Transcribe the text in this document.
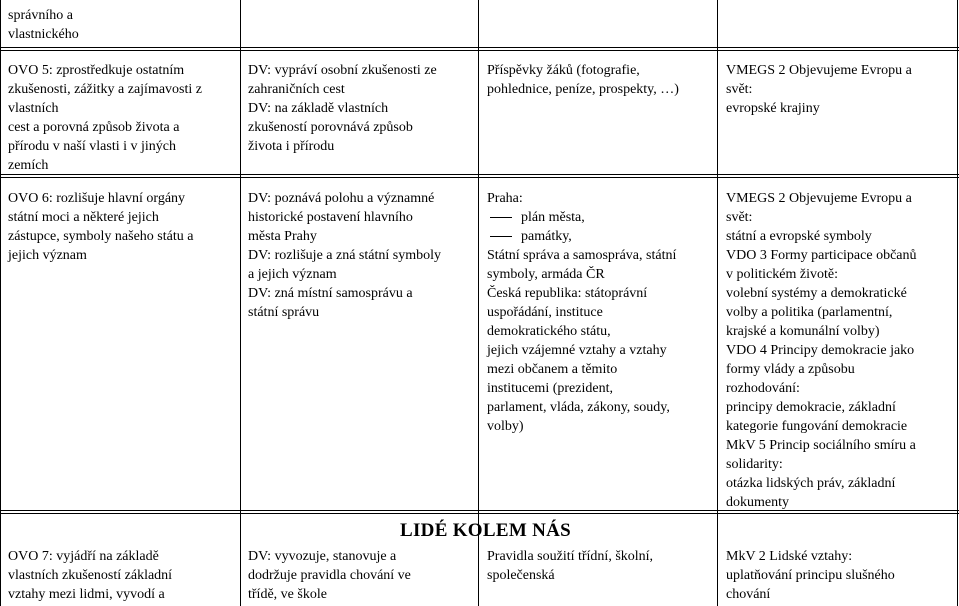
správního a
vlastnického
OVO 5: zprostředkuje ostatním
zkušenosti, zážitky a zajímavosti z
vlastních
cest a porovná způsob života a
přírodu v naší vlasti i v jiných
zemích
DV: vypráví osobní zkušenosti ze
zahraničních cest
DV: na základě vlastních
zkušeností porovnává způsob
života i přírodu
Příspěvky žáků (fotografie,
pohlednice, peníze, prospekty, …)
VMEGS 2 Objevujeme Evropu a
svět:
evropské krajiny
OVO 6: rozlišuje hlavní orgány
státní moci a některé jejich
zástupce, symboly našeho státu a
jejich význam
DV: poznává polohu a významné
historické postavení hlavního
města Prahy
DV: rozlišuje a zná státní symboly
a jejich význam
DV: zná místní samosprávu a
státní správu
Praha:
plán města,
památky,
Státní správa a samospráva, státní
symboly, armáda ČR
Česká republika: státoprávní
uspořádání, instituce
demokratického státu,
jejich vzájemné vztahy a vztahy
mezi občanem a těmito
institucemi (prezident,
parlament, vláda, zákony, soudy,
volby)
VMEGS 2 Objevujeme Evropu a
svět:
státní a evropské symboly
VDO 3 Formy participace občanů
v politickém životě:
volební systémy a demokratické
volby a politika (parlamentní,
krajské a komunální volby)
VDO 4 Principy demokracie jako
formy vlády a způsobu
rozhodování:
principy demokracie, základní
kategorie fungování demokracie
MkV 5 Princip sociálního smíru a
solidarity:
otázka lidských práv, základní
dokumenty
LIDÉ KOLEM NÁS
OVO 7: vyjádří na základě
vlastních zkušeností základní
vztahy mezi lidmi, vyvodí a
DV: vyvozuje, stanovuje a
dodržuje pravidla chování ve
třídě, ve škole
Pravidla soužití třídní, školní,
společenská
MkV 2 Lidské vztahy:
uplatňování principu slušného
chování
